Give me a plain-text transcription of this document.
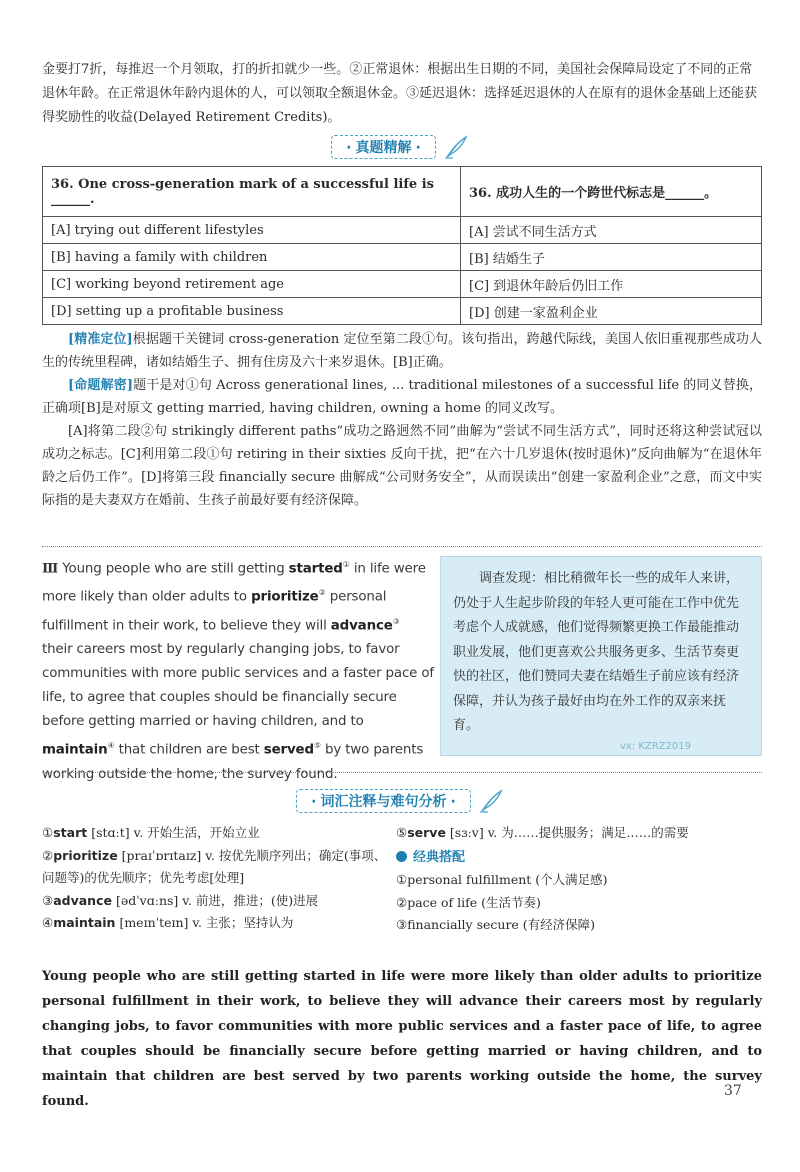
金要打7折，每推迟一个月领取，打的折扣就少一些。②正常退休：根据出生日期的不同，美国社会保障局设定了不同的正常退休年龄。在正常退休年龄内退休的人，可以领取全额退休金。③延迟退休：选择延迟退休的人在原有的退休金基础上还能获得奖励性的收益(Delayed Retirement Credits)。
· 真题精解 ·
36. One cross-generation mark of a successful life is ______.	36. 成功人生的一个跨世代标志是______。
[A] trying out different lifestyles	[A] 尝试不同生活方式
[B] having a family with children	[B] 结婚生子
[C] working beyond retirement age	[C] 到退休年龄后仍旧工作
[D] setting up a profitable business	[D] 创建一家盈利企业

[精准定位]根据题干关键词 cross-generation 定位至第二段①句。该句指出，跨越代际线，美国人依旧重视那些成功人生的传统里程碑，诸如结婚生子、拥有住房及六十来岁退休。[B]正确。

[命题解密]题干是对①句 Across generational lines, ... traditional milestones of a successful life 的同义替换，正确项[B]是对原文 getting married, having children, owning a home 的同义改写。

[A]将第二段②句 strikingly different paths“成功之路迥然不同”曲解为“尝试不同生活方式”，同时还将这种尝试冠以成功之标志。[C]利用第二段①句 retiring in their sixties 反向干扰，把“在六十几岁退休(按时退休)”反向曲解为“在退休年龄之后仍工作”。[D]将第三段 financially secure 曲解成“公司财务安全”，从而误读出“创建一家盈利企业”之意，而文中实际指的是夫妻双方在婚前、生孩子前最好要有经济保障。

Ⅲ Young people who are still getting started① in life were more likely than older adults to prioritize② personal fulfillment in their work, to believe they will advance③ their careers most by regularly changing jobs, to favor communities with more public services and a faster pace of life, to agree that couples should be financially secure before getting married or having children, and to maintain④ that children are best served⑤ by two parents working outside the home, the survey found.

调查发现：相比稍微年长一些的成年人来讲，仍处于人生起步阶段的年轻人更可能在工作中优先考虑个人成就感，他们觉得频繁更换工作最能推动职业发展，他们更喜欢公共服务更多、生活节奏更快的社区，他们赞同夫妻在结婚生子前应该有经济保障，并认为孩子最好由均在外工作的双亲来抚育。

vx: KZRZ2019
· 词汇注释与难句分析 ·
①start [stɑːt] v. 开始生活，开始立业
②prioritize [praɪˈɒrɪtaɪz] v. 按优先顺序列出；确定(事项、问题等)的优先顺序；优先考虑[处理]
③advance [ədˈvɑːns] v. 前进，推进；(使)进展
④maintain [meɪnˈteɪn] v. 主张；坚持认为
⑤serve [sɜːv] v. 为……提供服务；满足……的需要
经典搭配
①personal fulfillment (个人满足感)
②pace of life (生活节奏)
③financially secure (有经济保障)
Young people who are still getting started in life were more likely than older adults to prioritize personal fulfillment in their work, to believe they will advance their careers most by regularly changing jobs, to favor communities with more public services and a faster pace of life, to agree that couples should be financially secure before getting married or having children, and to maintain that children are best served by two parents working outside the home, the survey found.
37
